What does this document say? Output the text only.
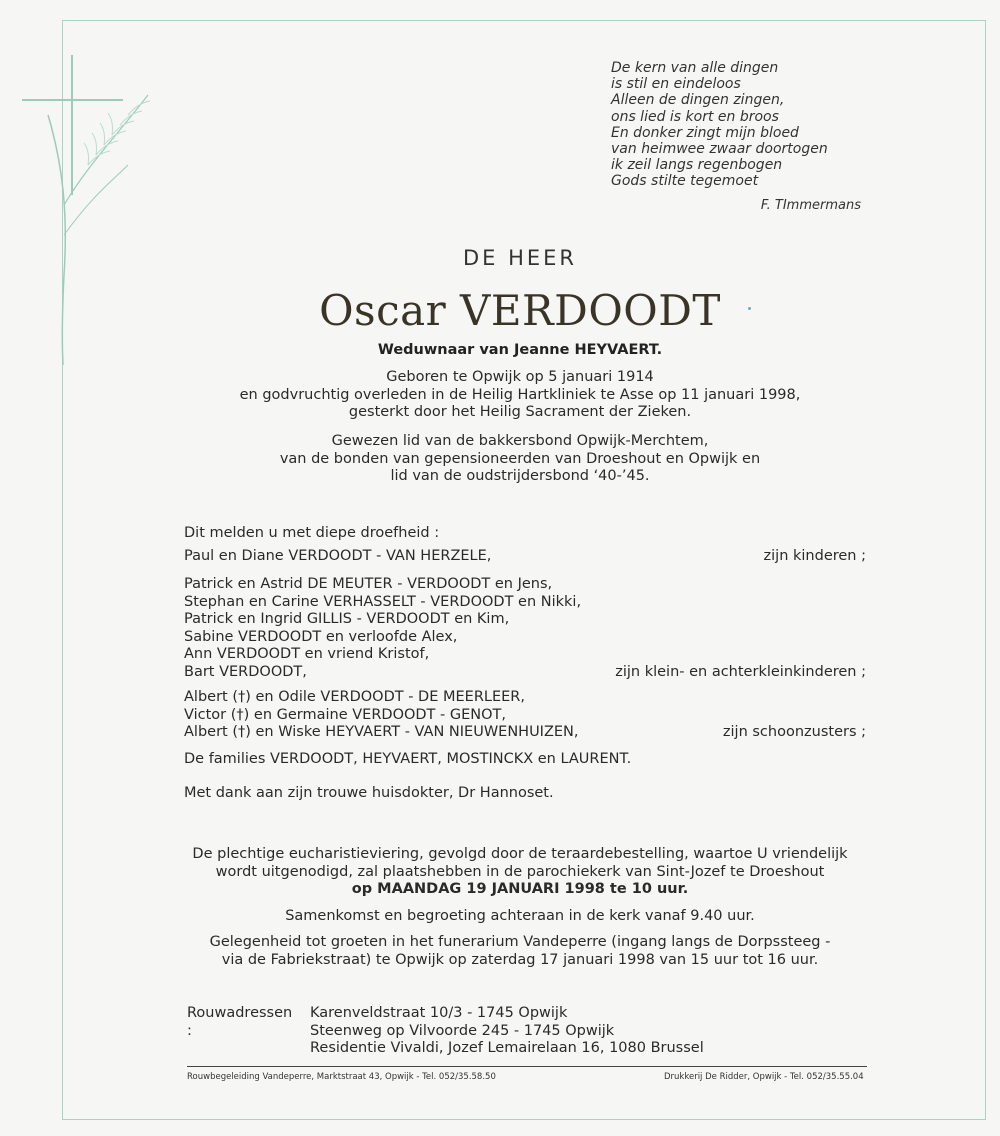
De kern van alle dingen
is stil en eindeloos
Alleen de dingen zingen,
ons lied is kort en broos
En donker zingt mijn bloed
van heimwee zwaar doortogen
ik zeil langs regenbogen
Gods stilte tegemoet
F. TImmermans
DE HEER
Oscar VERDOODT
Weduwnaar van Jeanne HEYVAERT.
Geboren te Opwijk op 5 januari 1914
en godvruchtig overleden in de Heilig Hartkliniek te Asse op 11 januari 1998,
gesterkt door het Heilig Sacrament der Zieken.
Gewezen lid van de bakkersbond Opwijk-Merchtem,
van de bonden van gepensioneerden van Droeshout en Opwijk en
lid van de oudstrijdersbond ‘40-’45.
Dit melden u met diepe droefheid :
Paul en Diane VERDOODT - VAN HERZELE,	zijn kinderen ;
Patrick en Astrid DE MEUTER - VERDOODT en Jens,
Stephan en Carine VERHASSELT - VERDOODT en Nikki,
Patrick en Ingrid GILLIS - VERDOODT en Kim,
Sabine VERDOODT en verloofde Alex,
Ann VERDOODT en vriend Kristof,
Bart VERDOODT,	zijn klein- en achterkleinkinderen ;
Albert (†) en Odile VERDOODT - DE MEERLEER,
Victor (†) en Germaine VERDOODT - GENOT,
Albert (†) en Wiske HEYVAERT - VAN NIEUWENHUIZEN,	zijn schoonzusters ;
De families VERDOODT, HEYVAERT, MOSTINCKX en LAURENT.
Met dank aan zijn trouwe huisdokter, Dr Hannoset.
De plechtige eucharistieviering, gevolgd door de teraardebestelling, waartoe U vriendelijk
wordt uitgenodigd, zal plaatshebben in de parochiekerk van Sint-Jozef te Droeshout
op MAANDAG 19 JANUARI 1998 te 10 uur.
Samenkomst en begroeting achteraan in de kerk vanaf 9.40 uur.
Gelegenheid tot groeten in het funerarium Vandeperre (ingang langs de Dorpssteeg -
via de Fabriekstraat) te Opwijk op zaterdag 17 januari 1998 van 15 uur tot 16 uur.
Rouwadressen :
Karenveldstraat 10/3 - 1745 Opwijk
Steenweg op Vilvoorde 245 - 1745 Opwijk
Residentie Vivaldi, Jozef Lemairelaan 16, 1080 Brussel
Rouwbegeleiding Vandeperre, Marktstraat 43, Opwijk - Tel. 052/35.58.50	Drukkerij De Ridder, Opwijk - Tel. 052/35.55.04
